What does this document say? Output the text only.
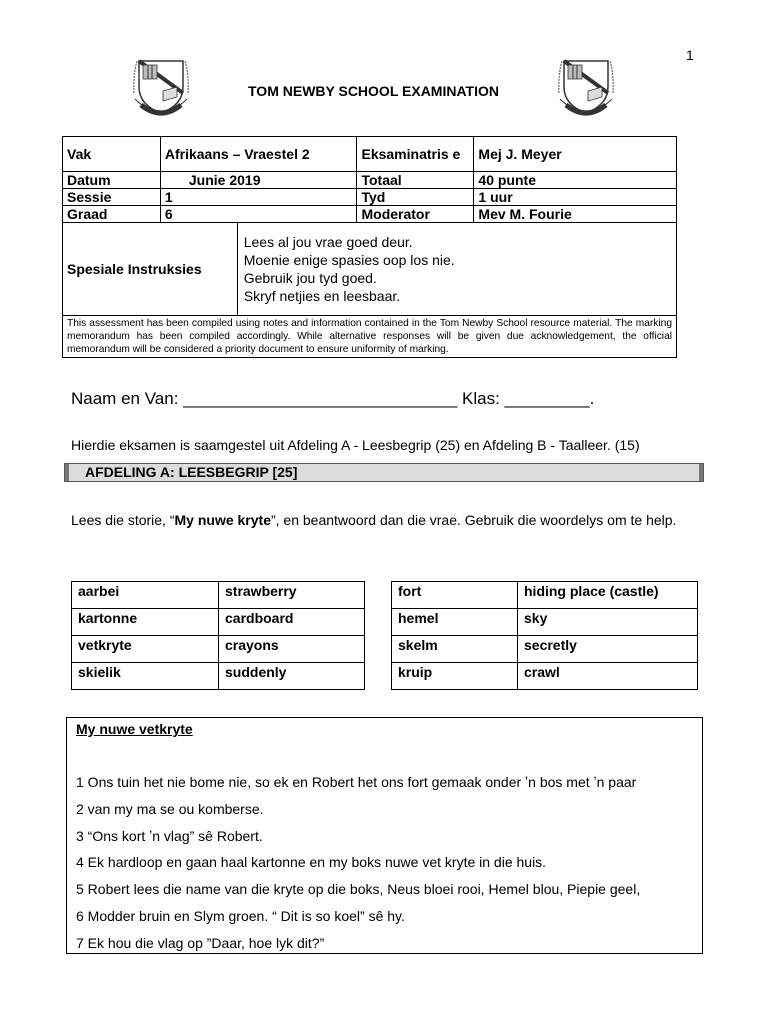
1
TOM NEWBY SCHOOL EXAMINATION
Vak	Afrikaans – Vraestel 2		Eksaminatris e	Mej J. Meyer
Datum	Junie 2019		Totaal	40 punte
Sessie	1		Tyd	1 uur
Graad	6		Moderator	Mev M. Fourie
Spesiale Instruksies		Lees al jou vrae goed deur.
Moenie enige spasies oop los nie.
Gebruik jou tyd goed.
Skryf netjies en leesbaar.		

This assessment has been compiled using notes and information contained in the Tom Newby School resource material. The marking memorandum has been compiled accordingly. While alternative responses will be given due acknowledgement, the official memorandum will be considered a priority document to ensure uniformity of marking.				
Naam en Van: _____________________________ Klas: _________.
Hierdie eksamen is saamgestel uit Afdeling A - Leesbegrip (25) en Afdeling B - Taalleer. (15)
AFDELING A: LEESBEGRIP [25]
Lees die storie, “My nuwe kryte”, en beantwoord dan die vrae. Gebruik die woordelys om te help.
aarbei	strawberry
kartonne	cardboard
vetkryte	crayons
skielik	suddenly
fort	hiding place (castle)
hemel	sky
skelm	secretly
kruip	crawl
My nuwe vetkryte
1 Ons tuin het nie bome nie, so ek en Robert het ons fort gemaak onder ʼn bos met ʼn paar
2 van my ma se ou komberse.
3 “Ons kort ʼn vlag” sê Robert.
4 Ek hardloop en gaan haal kartonne en my boks nuwe vet kryte in die huis.
5 Robert lees die name van die kryte op die boks, Neus bloei rooi, Hemel blou, Piepie geel,
6 Modder bruin en Slym groen. “ Dit is so koel” sê hy.
7 Ek hou die vlag op ”Daar, hoe lyk dit?”
